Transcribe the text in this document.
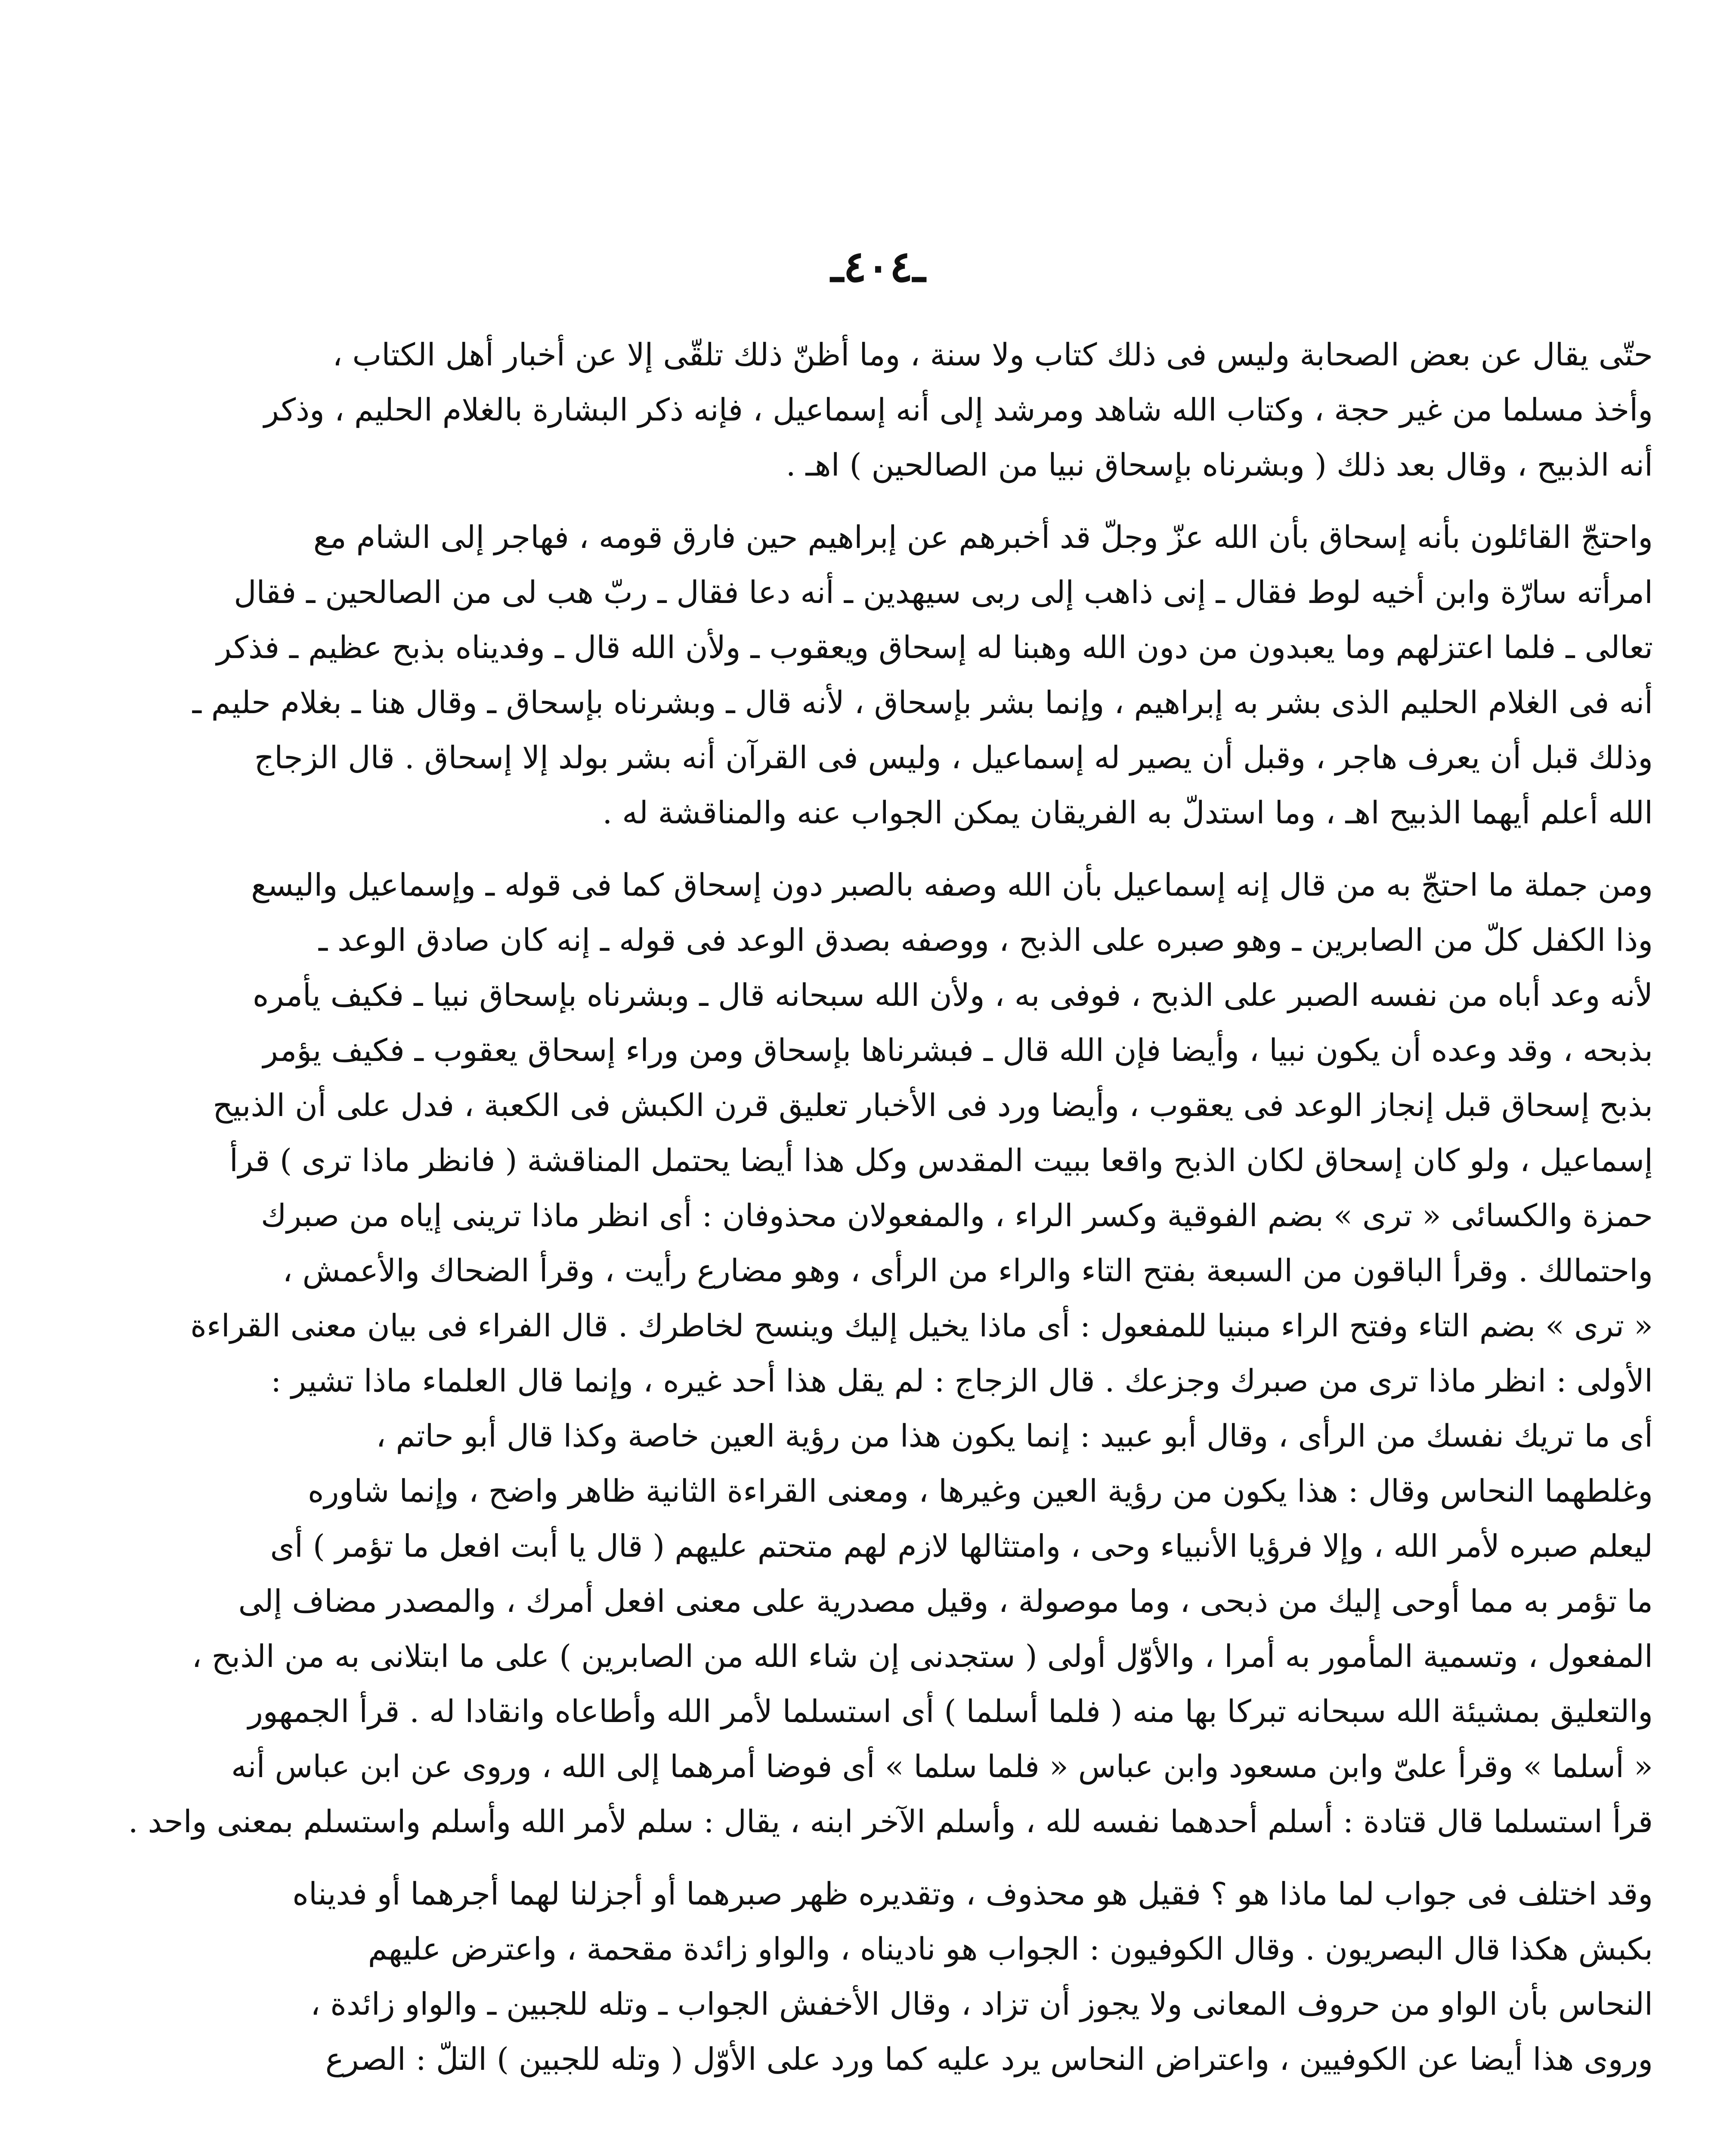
ـ٤٠٤ـ

حتّى يقال عن بعض الصحابة وليس فى ذلك كتاب ولا سنة ، وما أظنّ ذلك تلقّى إلا عن أخبار أهل الكتاب ،
وأخذ مسلما من غير حجة ، وكتاب الله شاهد ومرشد إلى أنه إسماعيل ، فإنه ذكر البشارة بالغلام الحليم ، وذكر
أنه الذبيح ، وقال بعد ذلك ( وبشرناه بإسحاق نبيا من الصالحين ) اهـ .

واحتجّ القائلون بأنه إسحاق بأن الله عزّ وجلّ قد أخبرهم عن إبراهيم حين فارق قومه ، فهاجر إلى الشام مع
امرأته سارّة وابن أخيه لوط فقال ـ إنى ذاهب إلى ربى سيهدين ـ أنه دعا فقال ـ ربّ هب لى من الصالحين ـ فقال
تعالى ـ فلما اعتزلهم وما يعبدون من دون الله وهبنا له إسحاق ويعقوب ـ ولأن الله قال ـ وفديناه بذبح عظيم ـ فذكر
أنه فى الغلام الحليم الذى بشر به إبراهيم ، وإنما بشر بإسحاق ، لأنه قال ـ وبشرناه بإسحاق ـ وقال هنا ـ بغلام حليم ـ
وذلك قبل أن يعرف هاجر ، وقبل أن يصير له إسماعيل ، وليس فى القرآن أنه بشر بولد إلا إسحاق . قال الزجاج
الله أعلم أيهما الذبيح اهـ ، وما استدلّ به الفريقان يمكن الجواب عنه والمناقشة له .

ومن جملة ما احتجّ به من قال إنه إسماعيل بأن الله وصفه بالصبر دون إسحاق كما فى قوله ـ وإسماعيل واليسع
وذا الكفل كلّ من الصابرين ـ وهو صبره على الذبح ، ووصفه بصدق الوعد فى قوله ـ إنه كان صادق الوعد ـ
لأنه وعد أباه من نفسه الصبر على الذبح ، فوفى به ، ولأن الله سبحانه قال ـ وبشرناه بإسحاق نبيا ـ فكيف يأمره
بذبحه ، وقد وعده أن يكون نبيا ، وأيضا فإن الله قال ـ فبشرناها بإسحاق ومن وراء إسحاق يعقوب ـ فكيف يؤمر
بذبح إسحاق قبل إنجاز الوعد فى يعقوب ، وأيضا ورد فى الأخبار تعليق قرن الكبش فى الكعبة ، فدل على أن الذبيح
إسماعيل ، ولو كان إسحاق لكان الذبح واقعا ببيت المقدس وكل هذا أيضا يحتمل المناقشة ( فانظر ماذا ترى ) قرأ
حمزة والكسائى « ترى » بضم الفوقية وكسر الراء ، والمفعولان محذوفان : أى انظر ماذا ترينى إياه من صبرك
واحتمالك . وقرأ الباقون من السبعة بفتح التاء والراء من الرأى ، وهو مضارع رأيت ، وقرأ الضحاك والأعمش ،
« ترى » بضم التاء وفتح الراء مبنيا للمفعول : أى ماذا يخيل إليك وينسح لخاطرك . قال الفراء فى بيان معنى القراءة
الأولى : انظر ماذا ترى من صبرك وجزعك . قال الزجاج : لم يقل هذا أحد غيره ، وإنما قال العلماء ماذا تشير :
أى ما تريك نفسك من الرأى ، وقال أبو عبيد : إنما يكون هذا من رؤية العين خاصة وكذا قال أبو حاتم ،
وغلطهما النحاس وقال : هذا يكون من رؤية العين وغيرها ، ومعنى القراءة الثانية ظاهر واضح ، وإنما شاوره
ليعلم صبره لأمر الله ، وإلا فرؤيا الأنبياء وحى ، وامتثالها لازم لهم متحتم عليهم ( قال يا أبت افعل ما تؤمر ) أى
ما تؤمر به مما أوحى إليك من ذبحى ، وما موصولة ، وقيل مصدرية على معنى افعل أمرك ، والمصدر مضاف إلى
المفعول ، وتسمية المأمور به أمرا ، والأوّل أولى ( ستجدنى إن شاء الله من الصابرين ) على ما ابتلانى به من الذبح ،
والتعليق بمشيئة الله سبحانه تبركا بها منه ( فلما أسلما ) أى استسلما لأمر الله وأطاعاه وانقادا له . قرأ الجمهور
« أسلما » وقرأ علىّ وابن مسعود وابن عباس « فلما سلما » أى فوضا أمرهما إلى الله ، وروى عن ابن عباس أنه
قرأ استسلما قال قتادة : أسلم أحدهما نفسه لله ، وأسلم الآخر ابنه ، يقال : سلم لأمر الله وأسلم واستسلم بمعنى واحد .

وقد اختلف فى جواب لما ماذا هو ؟ فقيل هو محذوف ، وتقديره ظهر صبرهما أو أجزلنا لهما أجرهما أو فديناه
بكبش هكذا قال البصريون . وقال الكوفيون : الجواب هو ناديناه ، والواو زائدة مقحمة ، واعترض عليهم
النحاس بأن الواو من حروف المعانى ولا يجوز أن تزاد ، وقال الأخفش الجواب ـ وتله للجبين ـ والواو زائدة ،
وروى هذا أيضا عن الكوفيين ، واعتراض النحاس يرد عليه كما ورد على الأوّل ( وتله للجبين ) التلّ : الصرع
